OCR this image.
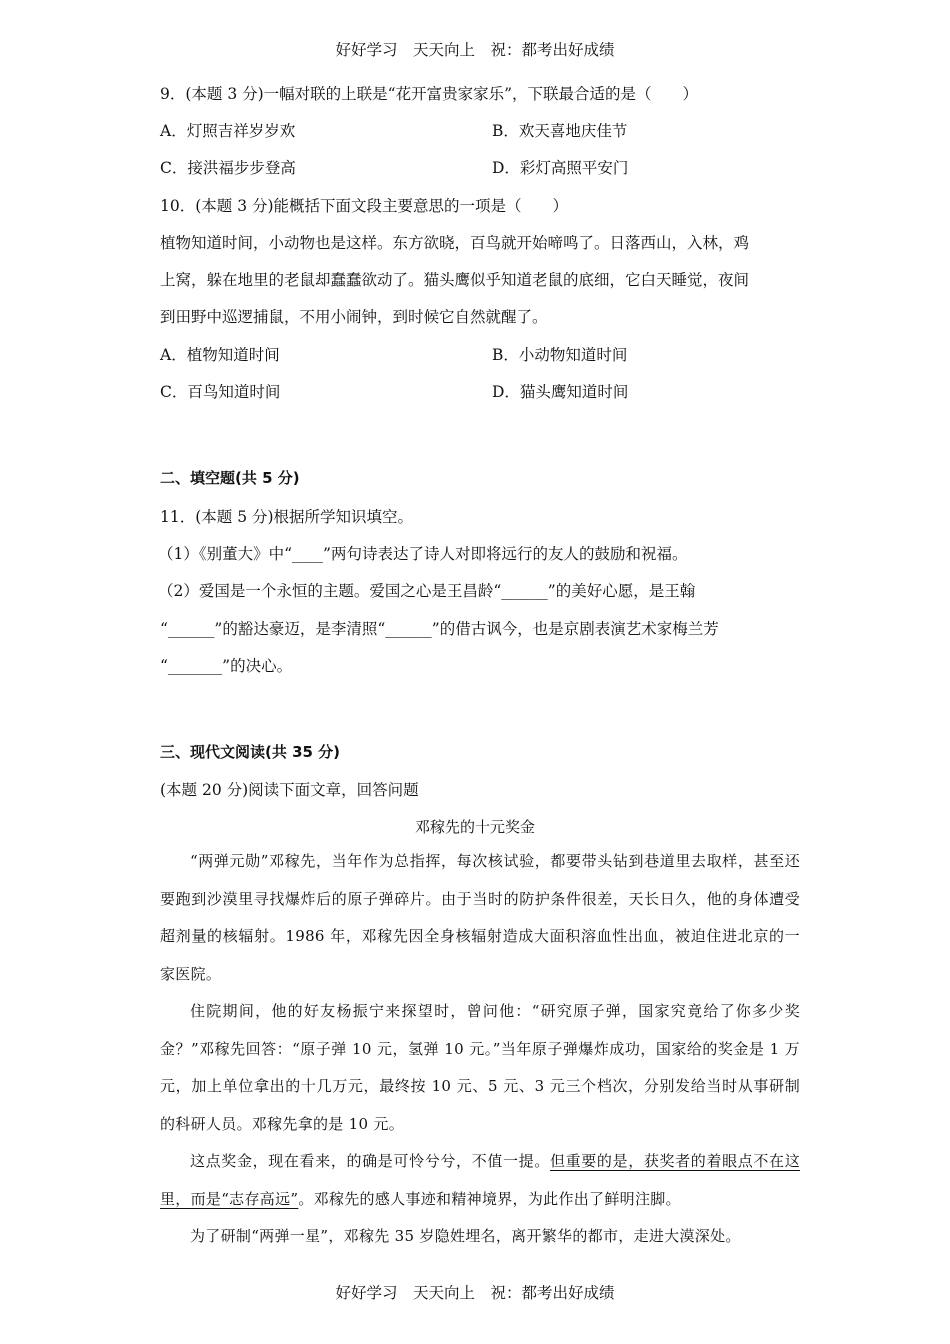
好好学习　天天向上　祝：都考出好成绩
9．(本题 3 分)一幅对联的上联是“花开富贵家家乐”，下联最合适的是（　　）
A．灯照吉祥岁岁欢	B．欢天喜地庆佳节
C．接洪福步步登高	D．彩灯高照平安门
10．(本题 3 分)能概括下面文段主要意思的一项是（　　）
植物知道时间，小动物也是这样。东方欲晓，百鸟就开始啼鸣了。日落西山，入林，鸡
上窝，躲在地里的老鼠却蠢蠢欲动了。猫头鹰似乎知道老鼠的底细，它白天睡觉，夜间
到田野中巡逻捕鼠，不用小闹钟，到时候它自然就醒了。
A．植物知道时间	B．小动物知道时间
C．百鸟知道时间	D．猫头鹰知道时间
二、填空题(共 5 分)
11．(本题 5 分)根据所学知识填空。
（1）《别董大》中“____”两句诗表达了诗人对即将远行的友人的鼓励和祝福。
（2）爱国是一个永恒的主题。爱国之心是王昌龄“______”的美好心愿，是王翰
“______”的豁达豪迈，是李清照“______”的借古讽今，也是京剧表演艺术家梅兰芳
“_______”的决心。
三、现代文阅读(共 35 分)
(本题 20 分)阅读下面文章，回答问题
邓稼先的十元奖金

“两弹元勋”邓稼先，当年作为总指挥，每次核试验，都要带头钻到巷道里去取样，甚至还要跑到沙漠里寻找爆炸后的原子弹碎片。由于当时的防护条件很差，天长日久，他的身体遭受超剂量的核辐射。1986 年，邓稼先因全身核辐射造成大面积溶血性出血，被迫住进北京的一家医院。

住院期间，他的好友杨振宁来探望时，曾问他：“研究原子弹，国家究竟给了你多少奖金？”邓稼先回答：“原子弹 10 元，氢弹 10 元。”当年原子弹爆炸成功，国家给的奖金是 1 万元，加上单位拿出的十几万元，最终按 10 元、5 元、3 元三个档次，分别发给当时从事研制的科研人员。邓稼先拿的是 10 元。

这点奖金，现在看来，的确是可怜兮兮，不值一提。但重要的是，获奖者的着眼点不在这里，而是“志存高远”。邓稼先的感人事迹和精神境界，为此作出了鲜明注脚。

为了研制“两弹一星”，邓稼先 35 岁隐姓埋名，离开繁华的都市，走进大漠深处。

好好学习　天天向上　祝：都考出好成绩
